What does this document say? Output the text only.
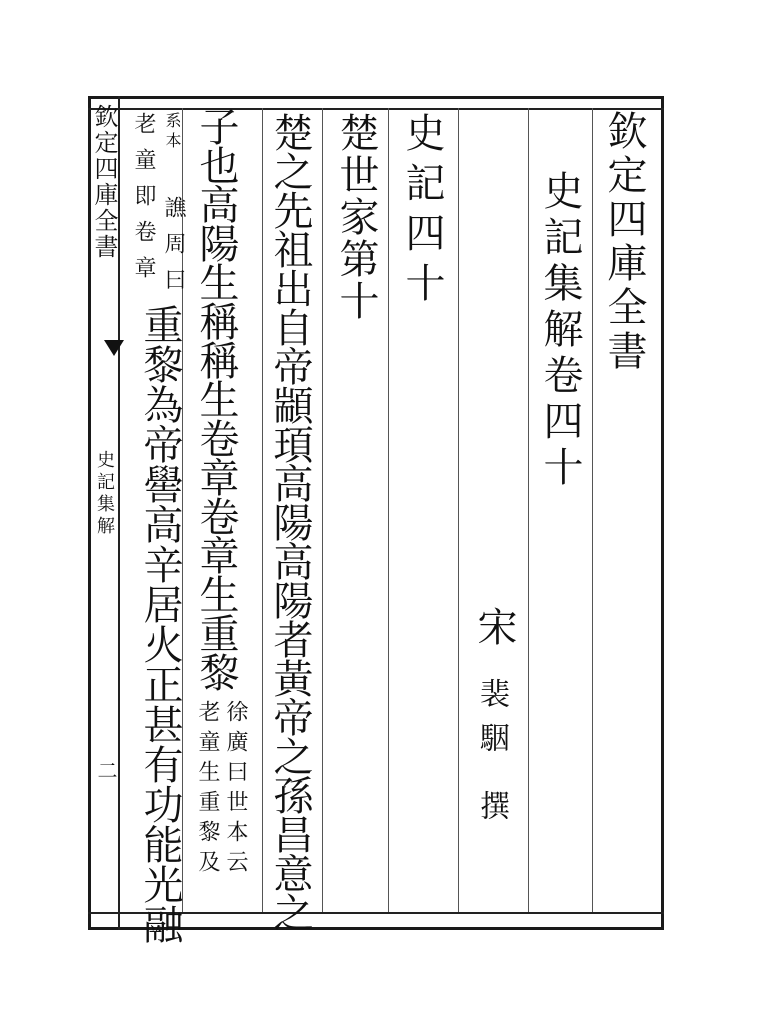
欽定四庫全書
史記集解卷四十
宋
裴駰
撰
史記四十
楚世家第十
楚之先祖出自帝顓頊高陽高陽者黃帝之孫昌意之
子也高陽生稱稱生卷章卷章生重黎
徐廣曰世本云
老童生重黎及
系本
譙周曰
老童即卷章
重黎為帝嚳高辛居火正甚有功能光融
欽定四庫全書
史記集解
二
